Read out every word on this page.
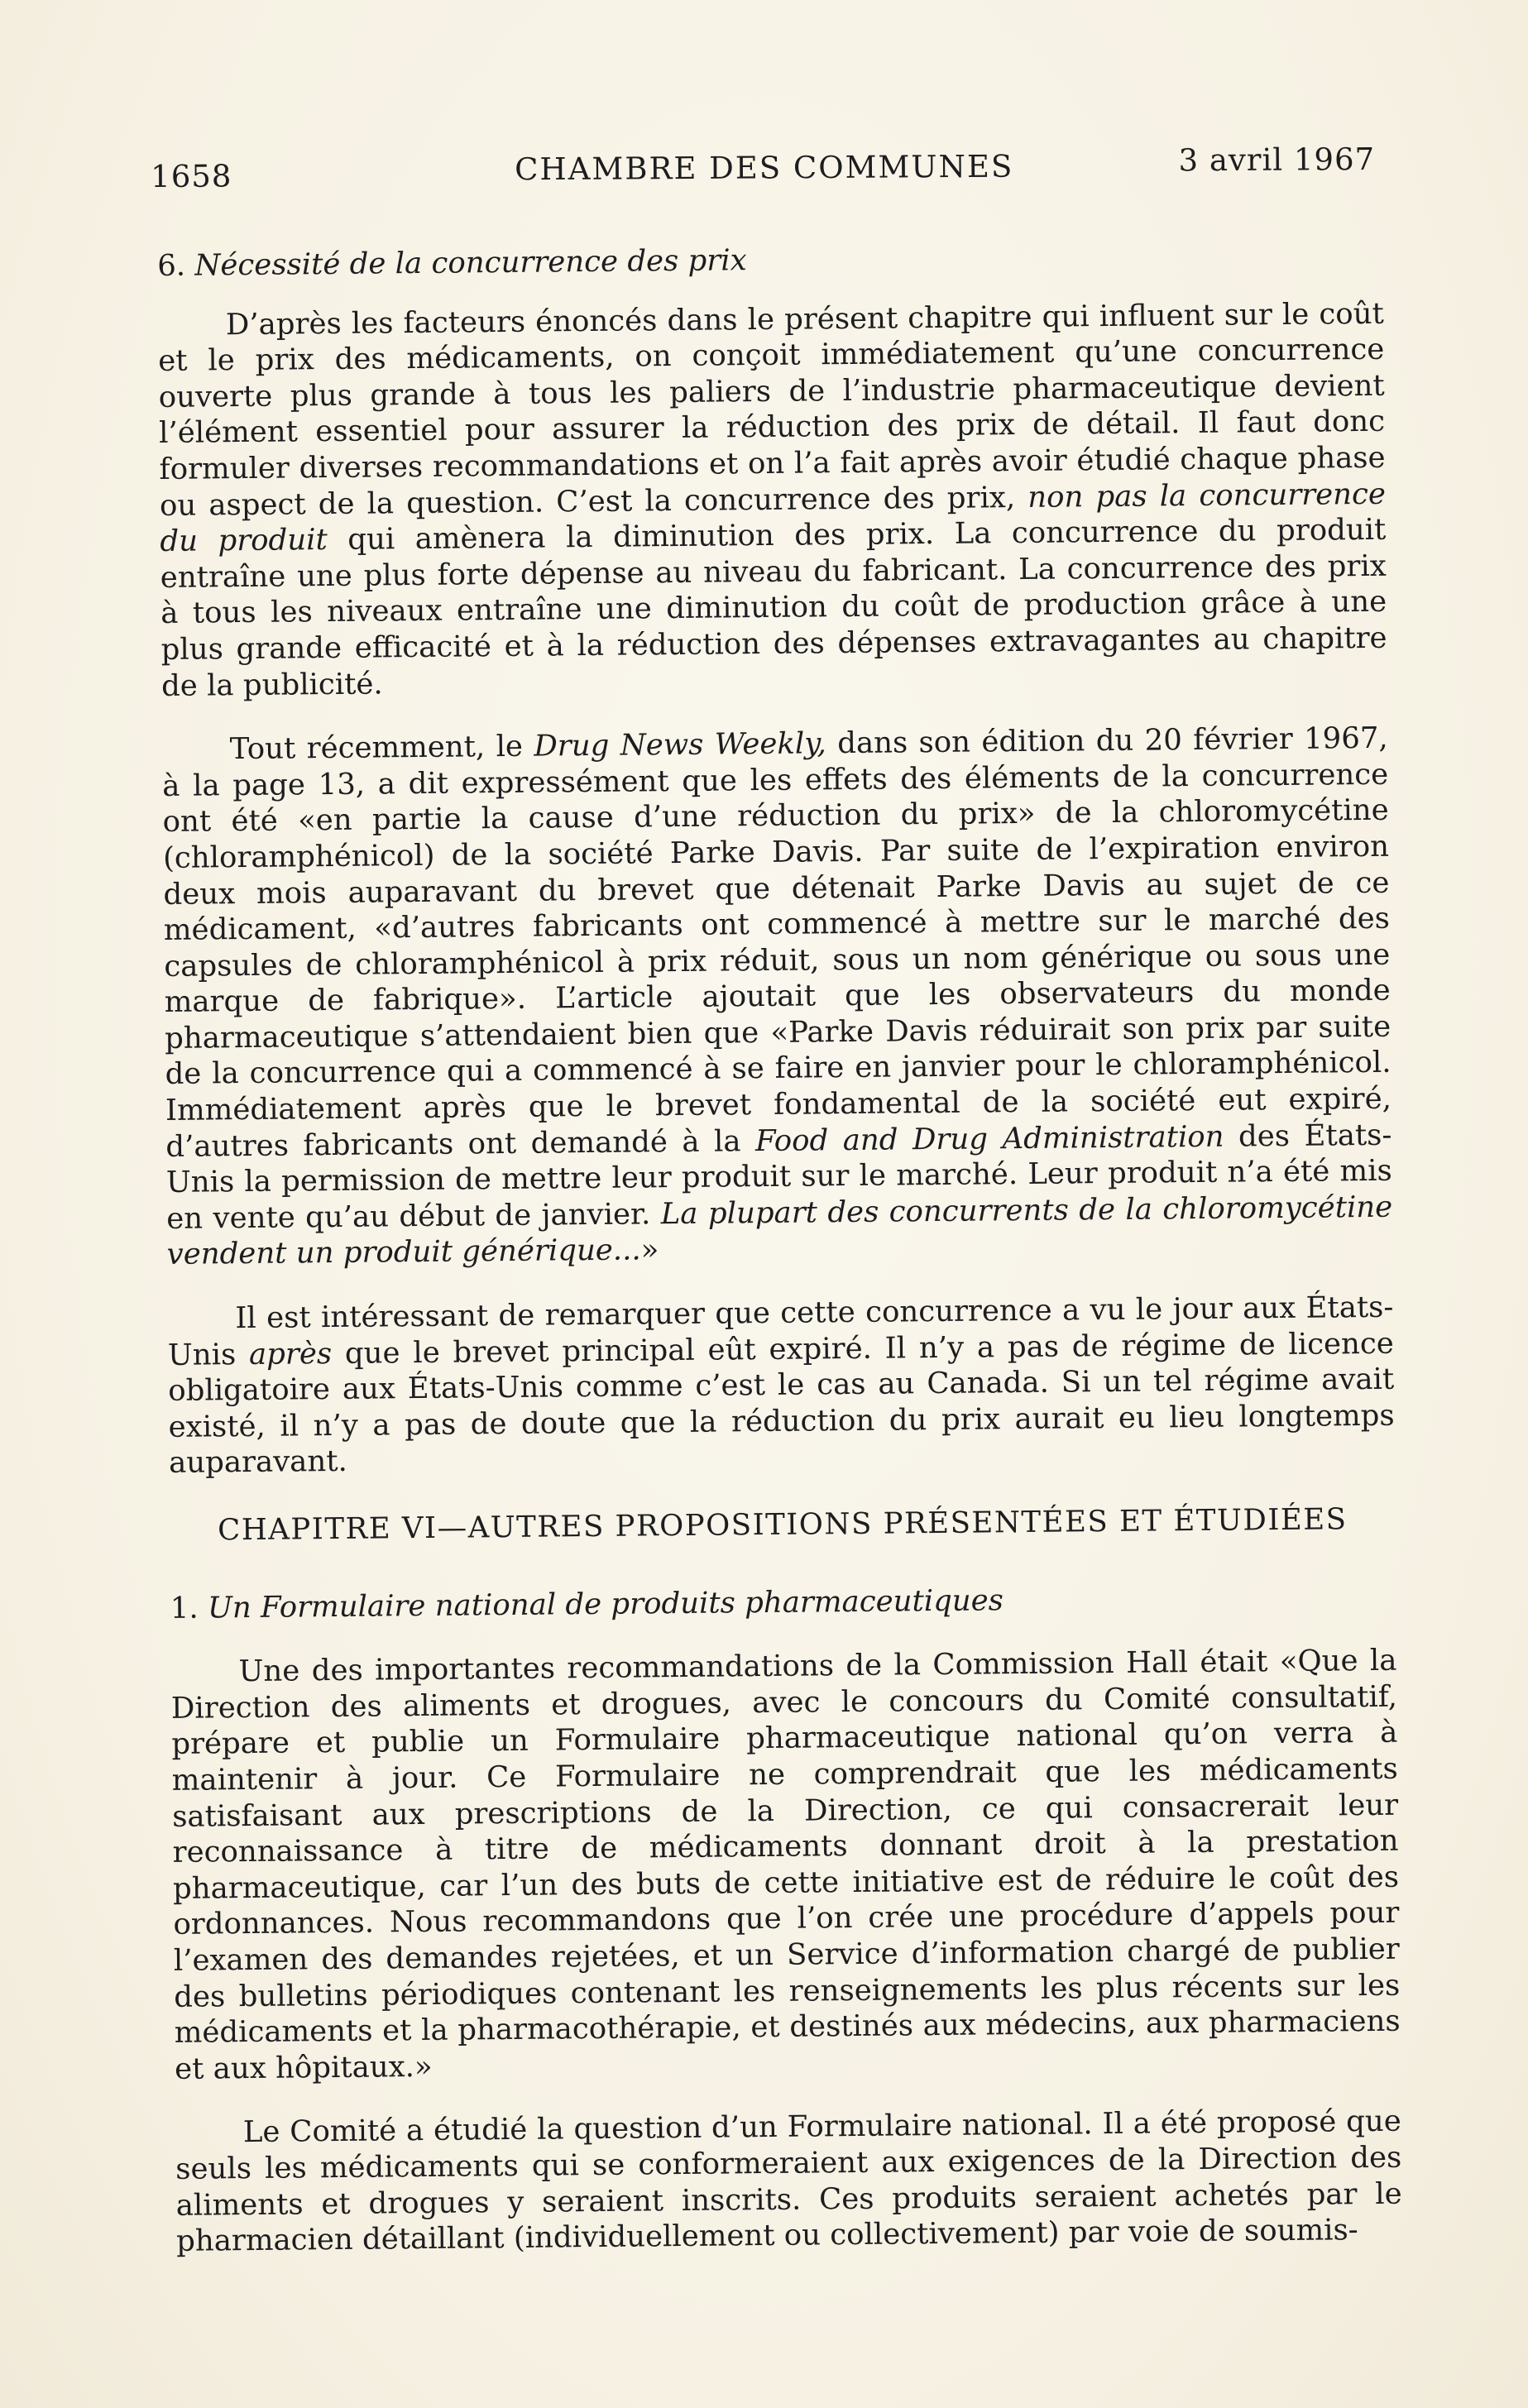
1658	CHAMBRE DES COMMUNES	3 avril 1967
6. Nécessité de la concurrence des prix

D’après les facteurs énoncés dans le présent chapitre qui influent sur le coût et le prix des médicaments, on conçoit immédiatement qu’une concurrence ouverte plus grande à tous les paliers de l’industrie pharmaceutique devient l’élément essentiel pour assurer la réduction des prix de détail. Il faut donc formuler diverses recommandations et on l’a fait après avoir étudié chaque phase ou aspect de la question. C’est la concurrence des prix, non pas la concurrence du produit qui amènera la diminution des prix. La concurrence du produit entraîne une plus forte dépense au niveau du fabricant. La concurrence des prix à tous les niveaux entraîne une diminution du coût de production grâce à une plus grande efficacité et à la réduction des dépenses extravagantes au chapitre de la publicité.

Tout récemment, le Drug News Weekly, dans son édition du 20 février 1967, à la page 13, a dit expressément que les effets des éléments de la concurrence ont été «en partie la cause d’une réduction du prix» de la chloromycétine (chloramphénicol) de la société Parke Davis. Par suite de l’expiration environ deux mois auparavant du brevet que détenait Parke Davis au sujet de ce médicament, «d’autres fabricants ont commencé à mettre sur le marché des capsules de chloramphénicol à prix réduit, sous un nom générique ou sous une marque de fabrique». L’article ajoutait que les observateurs du monde pharmaceutique s’attendaient bien que «Parke Davis réduirait son prix par suite de la concurrence qui a commencé à se faire en janvier pour le chloramphénicol. Immédiatement après que le brevet fondamental de la société eut expiré, d’autres fabricants ont demandé à la Food and Drug Administration des États-Unis la permission de mettre leur produit sur le marché. Leur produit n’a été mis en vente qu’au début de janvier. La plupart des concurrents de la chloromycétine vendent un produit générique...»

Il est intéressant de remarquer que cette concurrence a vu le jour aux États-Unis après que le brevet principal eût expiré. Il n’y a pas de régime de licence obligatoire aux États-Unis comme c’est le cas au Canada. Si un tel régime avait existé, il n’y a pas de doute que la réduction du prix aurait eu lieu longtemps auparavant.

CHAPITRE VI—AUTRES PROPOSITIONS PRÉSENTÉES ET ÉTUDIÉES
1. Un Formulaire national de produits pharmaceutiques

Une des importantes recommandations de la Commission Hall était «Que la Direction des aliments et drogues, avec le concours du Comité consultatif, prépare et publie un Formulaire pharmaceutique national qu’on verra à maintenir à jour. Ce Formulaire ne comprendrait que les médicaments satisfaisant aux prescriptions de la Direction, ce qui consacrerait leur reconnaissance à titre de médicaments donnant droit à la prestation pharmaceutique, car l’un des buts de cette initiative est de réduire le coût des ordonnances. Nous recommandons que l’on crée une procédure d’appels pour l’examen des demandes rejetées, et un Service d’information chargé de publier des bulletins périodiques contenant les renseignements les plus récents sur les médicaments et la pharmacothérapie, et destinés aux médecins, aux pharmaciens et aux hôpitaux.»

Le Comité a étudié la question d’un Formulaire national. Il a été proposé que seuls les médicaments qui se conformeraient aux exigences de la Direction des aliments et drogues y seraient inscrits. Ces produits seraient achetés par le pharmacien détaillant (individuellement ou collectivement) par voie de soumis-
